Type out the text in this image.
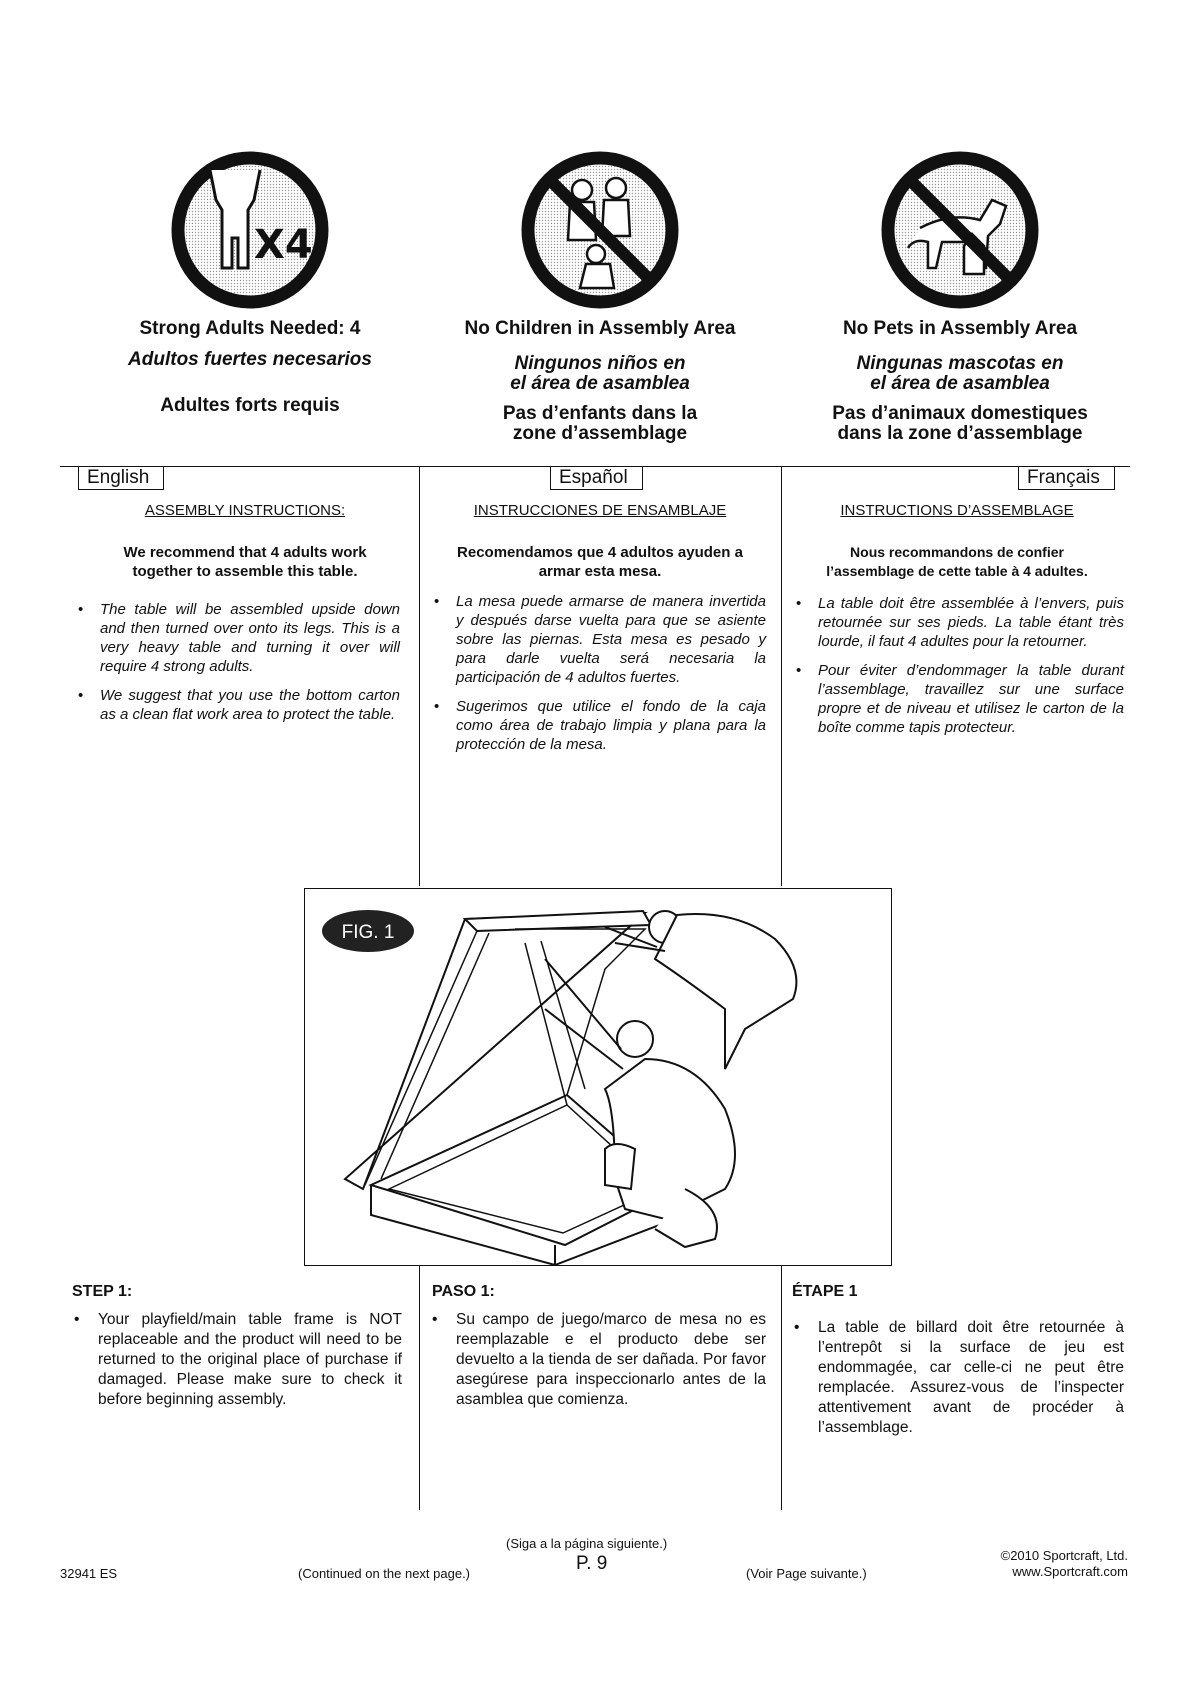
X4
Strong Adults Needed: 4
Adultos fuertes necesarios
Adultes forts requis
No Children in Assembly Area
Ningunos niños en
el área de asamblea
Pas d’enfants dans la
zone d’assemblage
No Pets in Assembly Area
Ningunas mascotas en
el área de asamblea
Pas d’animaux domestiques
dans la zone d’assemblage
English	Español	Français
ASSEMBLY INSTRUCTIONS:
We recommend that 4 adults work
together to assemble this table.
• The table will be assembled upside down and then turned over onto its legs. This is a very heavy table and turning it over will require 4 strong adults.
• We suggest that you use the bottom carton as a clean flat work area to protect the table.
INSTRUCCIONES DE ENSAMBLAJE
Recomendamos que 4 adultos ayuden a
armar esta mesa.
• La mesa puede armarse de manera invertida y después darse vuelta para que se asiente sobre las piernas. Esta mesa es pesado y para darle vuelta será necesaria la participación de 4 adultos fuertes.
• Sugerimos que utilice el fondo de la caja como área de trabajo limpia y plana para la protección de la mesa.
INSTRUCTIONS D’ASSEMBLAGE
Nous recommandons de confier
l’assemblage de cette table à 4 adultes.
• La table doit être assemblée à l’envers, puis retournée sur ses pieds. La table étant très lourde, il faut 4 adultes pour la retourner.
• Pour éviter d’endommager la table durant l’assemblage, travaillez sur une surface propre et de niveau et utilisez le carton de la boîte comme tapis protecteur.
FIG. 1
STEP 1:
• Your playfield/main table frame is NOT replaceable and the product will need to be returned to the original place of purchase if damaged. Please make sure to check it before beginning assembly.
PASO 1:
• Su campo de juego/marco de mesa no es reemplazable e el producto debe ser devuelto a la tienda de ser dañada. Por favor asegúrese para inspeccionarlo antes de la asamblea que comienza.
ÉTAPE 1
• La table de billard doit être retournée à l’entrepôt si la surface de jeu est endommagée, car celle-ci ne peut être remplacée. Assurez-vous de l’inspecter attentivement avant de procéder à l’assemblage.
32941 ES	(Continued on the next page.)
(Siga a la página siguiente.)
P. 9	(Voir Page suivante.)
©2010 Sportcraft, Ltd.
www.Sportcraft.com
